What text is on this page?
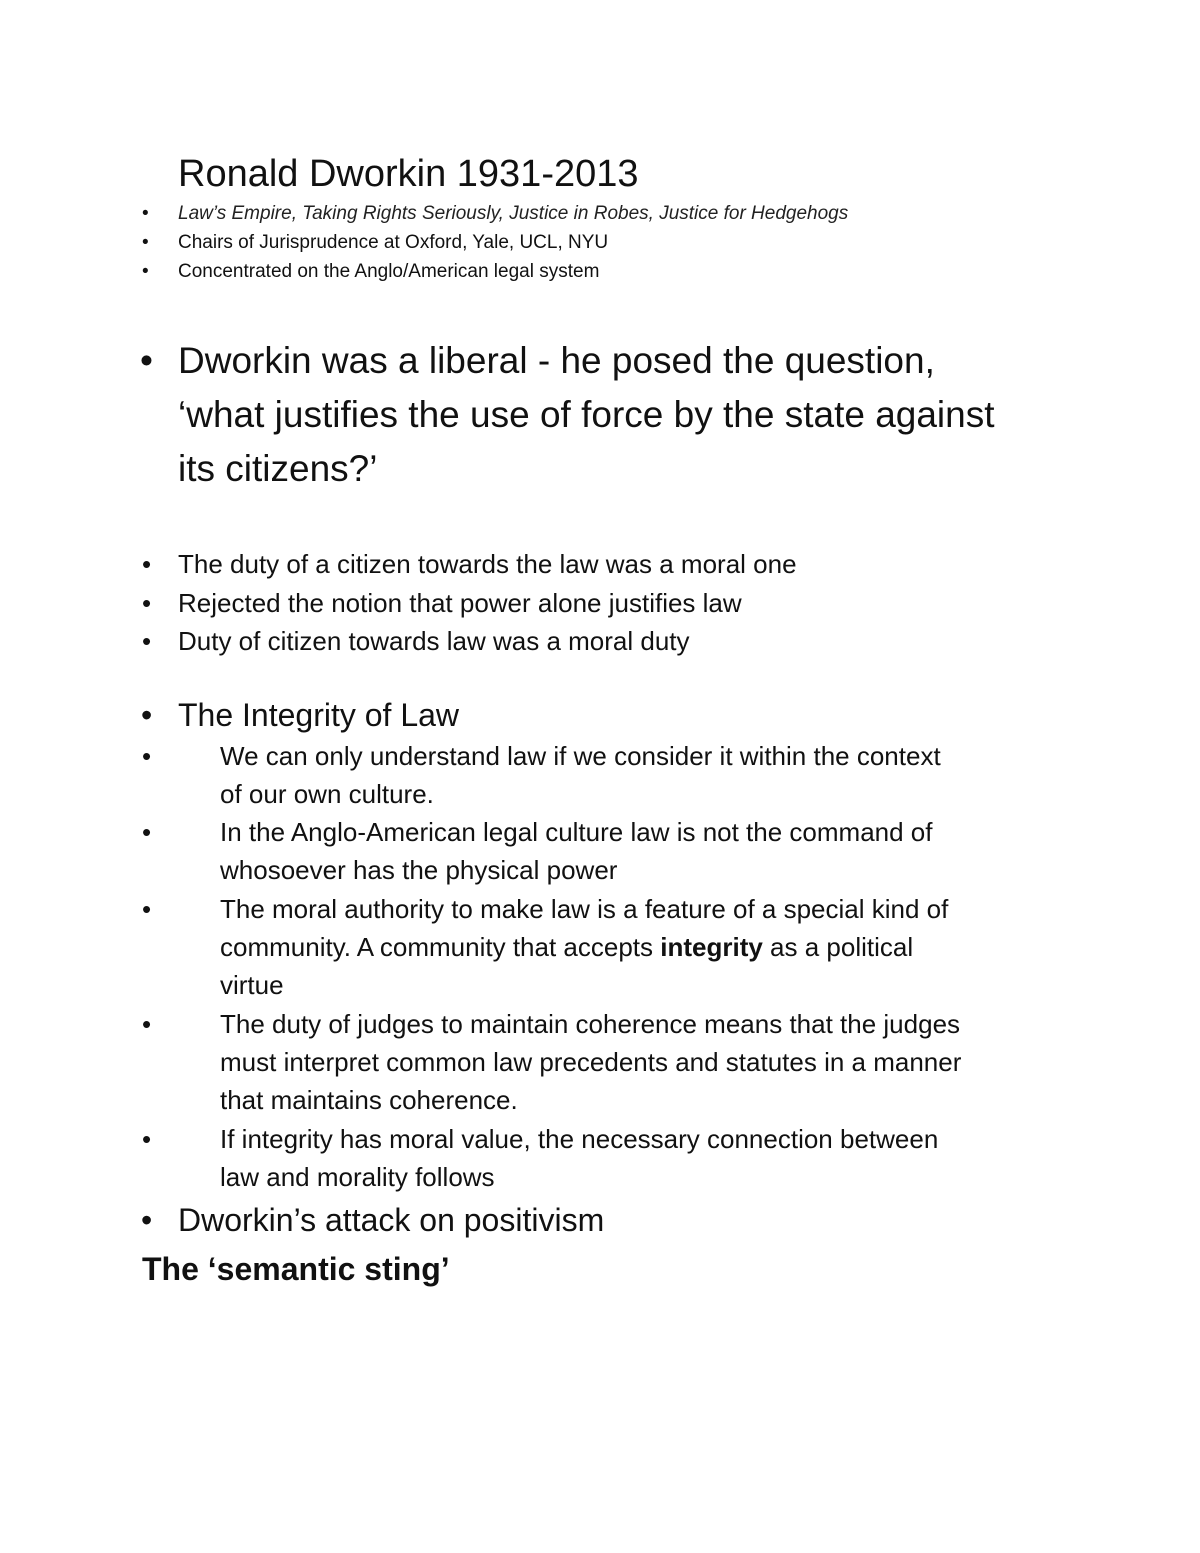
Ronald Dworkin 1931-2013
• Law’s Empire, Taking Rights Seriously, Justice in Robes, Justice for Hedgehogs
• Chairs of Jurisprudence at Oxford, Yale, UCL, NYU
• Concentrated on the Anglo/American legal system
• Dworkin was a liberal - he posed the question,
‘what justifies the use of force by the state against
its citizens?’
• The duty of a citizen towards the law was a moral one
• Rejected the notion that power alone justifies law
• Duty of citizen towards law was a moral duty
• The Integrity of Law
•	We can only understand law if we consider it within the context
of our own culture.
•	In the Anglo-American legal culture law is not the command of
whosoever has the physical power
•	The moral authority to make law is a feature of a special kind of
community. A community that accepts integrity as a political
virtue
•	The duty of judges to maintain coherence means that the judges
must interpret common law precedents and statutes in a manner
that maintains coherence.
•	If integrity has moral value, the necessary connection between
law and morality follows
• Dworkin’s attack on positivism
The ‘semantic sting’
